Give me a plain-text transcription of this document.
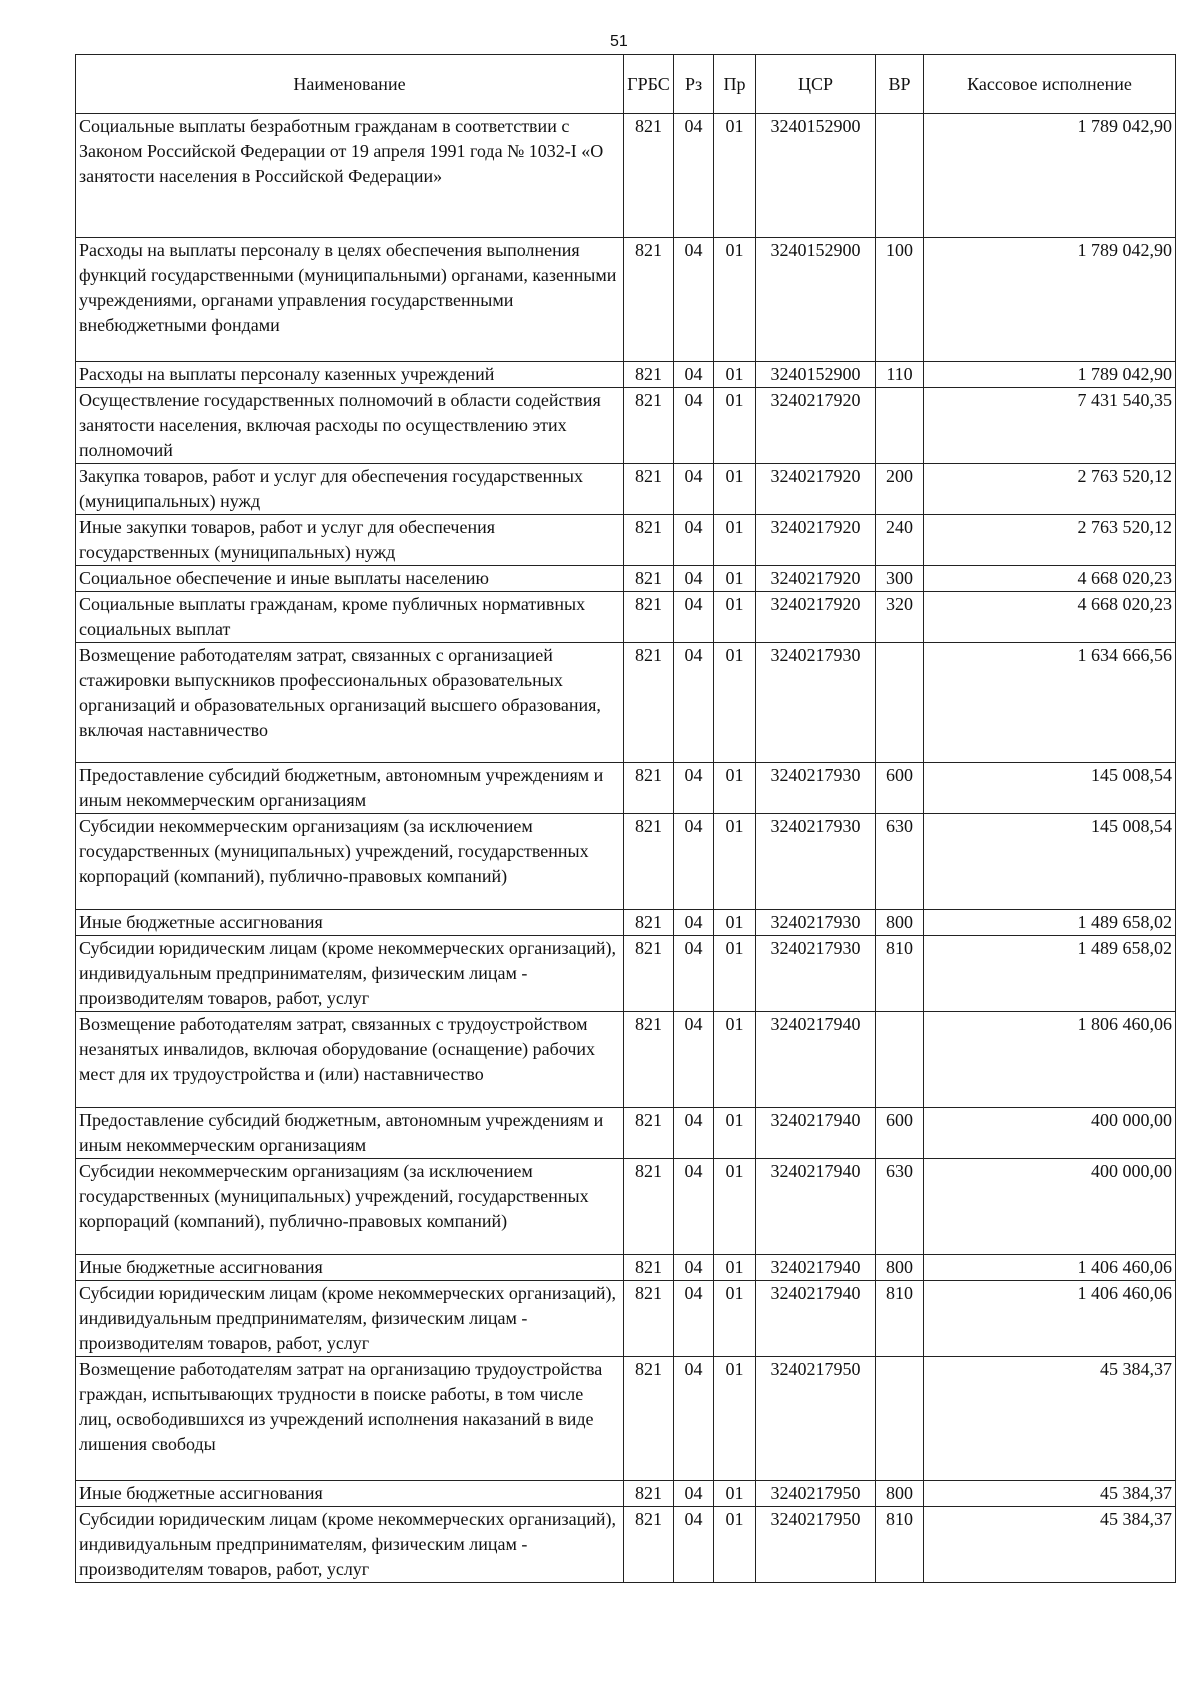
51
Наименование	ГРБС	Рз	Пр	ЦСР	ВР	Кассовое исполнение
Социальные выплаты безработным гражданам в соответствии с Законом Российской Федерации от 19 апреля 1991 года № 1032-I «О занятости населения в Российской Федерации»	821	04	01	3240152900		1 789 042,90
Расходы на выплаты персоналу в целях обеспечения выполнения функций государственными (муниципальными) органами, казенными учреждениями, органами управления государственными внебюджетными фондами	821	04	01	3240152900	100	1 789 042,90
Расходы на выплаты персоналу казенных учреждений	821	04	01	3240152900	110	1 789 042,90
Осуществление государственных полномочий в области содействия занятости населения, включая расходы по осуществлению этих полномочий	821	04	01	3240217920		7 431 540,35
Закупка товаров, работ и услуг для обеспечения государственных (муниципальных) нужд	821	04	01	3240217920	200	2 763 520,12
Иные закупки товаров, работ и услуг для обеспечения государственных (муниципальных) нужд	821	04	01	3240217920	240	2 763 520,12
Социальное обеспечение и иные выплаты населению	821	04	01	3240217920	300	4 668 020,23
Социальные выплаты гражданам, кроме публичных нормативных социальных выплат	821	04	01	3240217920	320	4 668 020,23
Возмещение работодателям затрат, связанных с организацией стажировки выпускников профессиональных образовательных организаций и образовательных организаций высшего образования, включая наставничество	821	04	01	3240217930		1 634 666,56
Предоставление субсидий бюджетным, автономным учреждениям и иным некоммерческим организациям	821	04	01	3240217930	600	145 008,54
Субсидии некоммерческим организациям (за исключением государственных (муниципальных) учреждений, государственных корпораций (компаний), публично-правовых компаний)	821	04	01	3240217930	630	145 008,54
Иные бюджетные ассигнования	821	04	01	3240217930	800	1 489 658,02
Субсидии юридическим лицам (кроме некоммерческих организаций), индивидуальным предпринимателям, физическим лицам - производителям товаров, работ, услуг	821	04	01	3240217930	810	1 489 658,02
Возмещение работодателям затрат, связанных с трудоустройством незанятых инвалидов, включая оборудование (оснащение) рабочих мест для их трудоустройства и (или) наставничество	821	04	01	3240217940		1 806 460,06
Предоставление субсидий бюджетным, автономным учреждениям и иным некоммерческим организациям	821	04	01	3240217940	600	400 000,00
Субсидии некоммерческим организациям (за исключением государственных (муниципальных) учреждений, государственных корпораций (компаний), публично-правовых компаний)	821	04	01	3240217940	630	400 000,00
Иные бюджетные ассигнования	821	04	01	3240217940	800	1 406 460,06
Субсидии юридическим лицам (кроме некоммерческих организаций), индивидуальным предпринимателям, физическим лицам - производителям товаров, работ, услуг	821	04	01	3240217940	810	1 406 460,06
Возмещение работодателям затрат на организацию трудоустройства граждан, испытывающих трудности в поиске работы, в том числе лиц, освободившихся из учреждений исполнения наказаний в виде лишения свободы	821	04	01	3240217950		45 384,37
Иные бюджетные ассигнования	821	04	01	3240217950	800	45 384,37
Субсидии юридическим лицам (кроме некоммерческих организаций), индивидуальным предпринимателям, физическим лицам - производителям товаров, работ, услуг	821	04	01	3240217950	810	45 384,37
